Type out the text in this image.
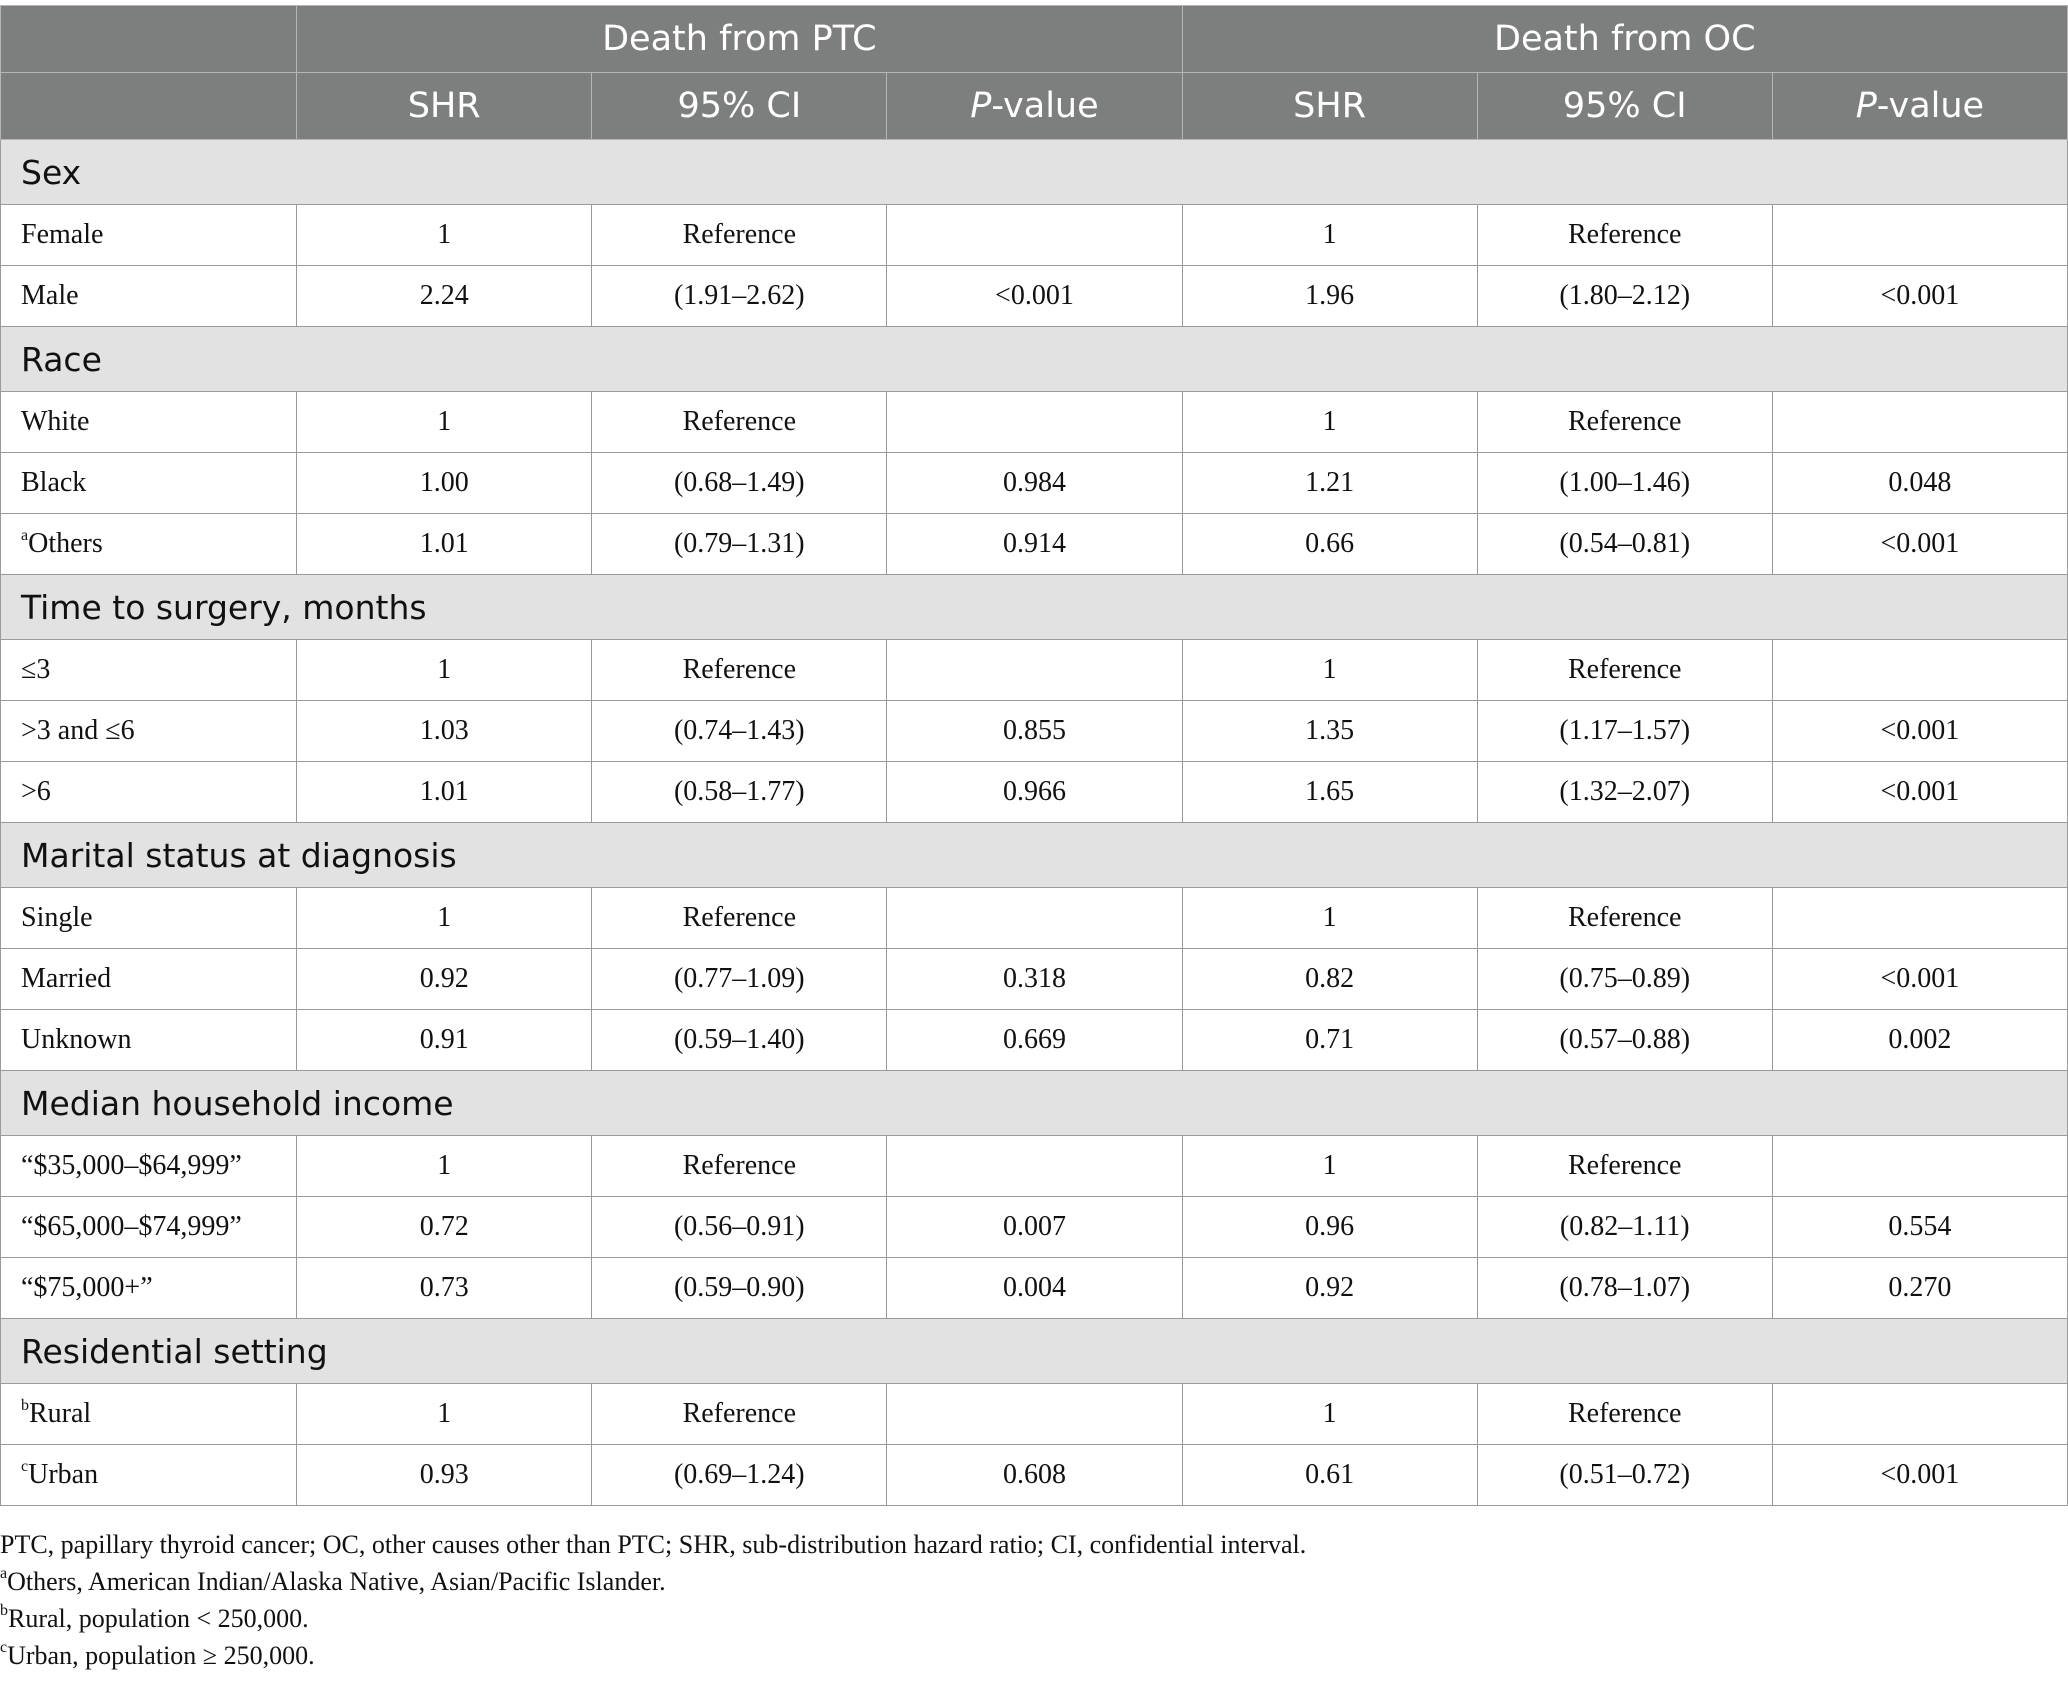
	Death from PTC			Death from OC		
	SHR	95% CI	P-value	SHR	95% CI	P-value
Sex						
Female	1	Reference		1	Reference	
Male	2.24	(1.91–2.62)	<0.001	1.96	(1.80–2.12)	<0.001
Race						
White	1	Reference		1	Reference	
Black	1.00	(0.68–1.49)	0.984	1.21	(1.00–1.46)	0.048
$^a$Others	1.01	(0.79–1.31)	0.914	0.66	(0.54–0.81)	<0.001
Time to surgery, months						
≤3	1	Reference		1	Reference	
>3 and ≤6	1.03	(0.74–1.43)	0.855	1.35	(1.17–1.57)	<0.001
>6	1.01	(0.58–1.77)	0.966	1.65	(1.32–2.07)	<0.001
Marital status at diagnosis						
Single	1	Reference		1	Reference	
Married	0.92	(0.77–1.09)	0.318	0.82	(0.75–0.89)	<0.001
Unknown	0.91	(0.59–1.40)	0.669	0.71	(0.57–0.88)	0.002
Median household income						
“$35,000–$64,999”	1	Reference		1	Reference	
“$65,000–$74,999”	0.72	(0.56–0.91)	0.007	0.96	(0.82–1.11)	0.554
“$75,000+”	0.73	(0.59–0.90)	0.004	0.92	(0.78–1.07)	0.270
Residential setting						
$^b$Rural	1	Reference		1	Reference	
$^c$Urban	0.93	(0.69–1.24)	0.608	0.61	(0.51–0.72)	<0.001
PTC, papillary thyroid cancer; OC, other causes other than PTC; SHR, sub-distribution hazard ratio; CI, confidential interval.
$^a$Others, American Indian/Alaska Native, Asian/Pacific Islander.
$^b$Rural, population < 250,000.
$^c$Urban, population ≥ 250,000.
